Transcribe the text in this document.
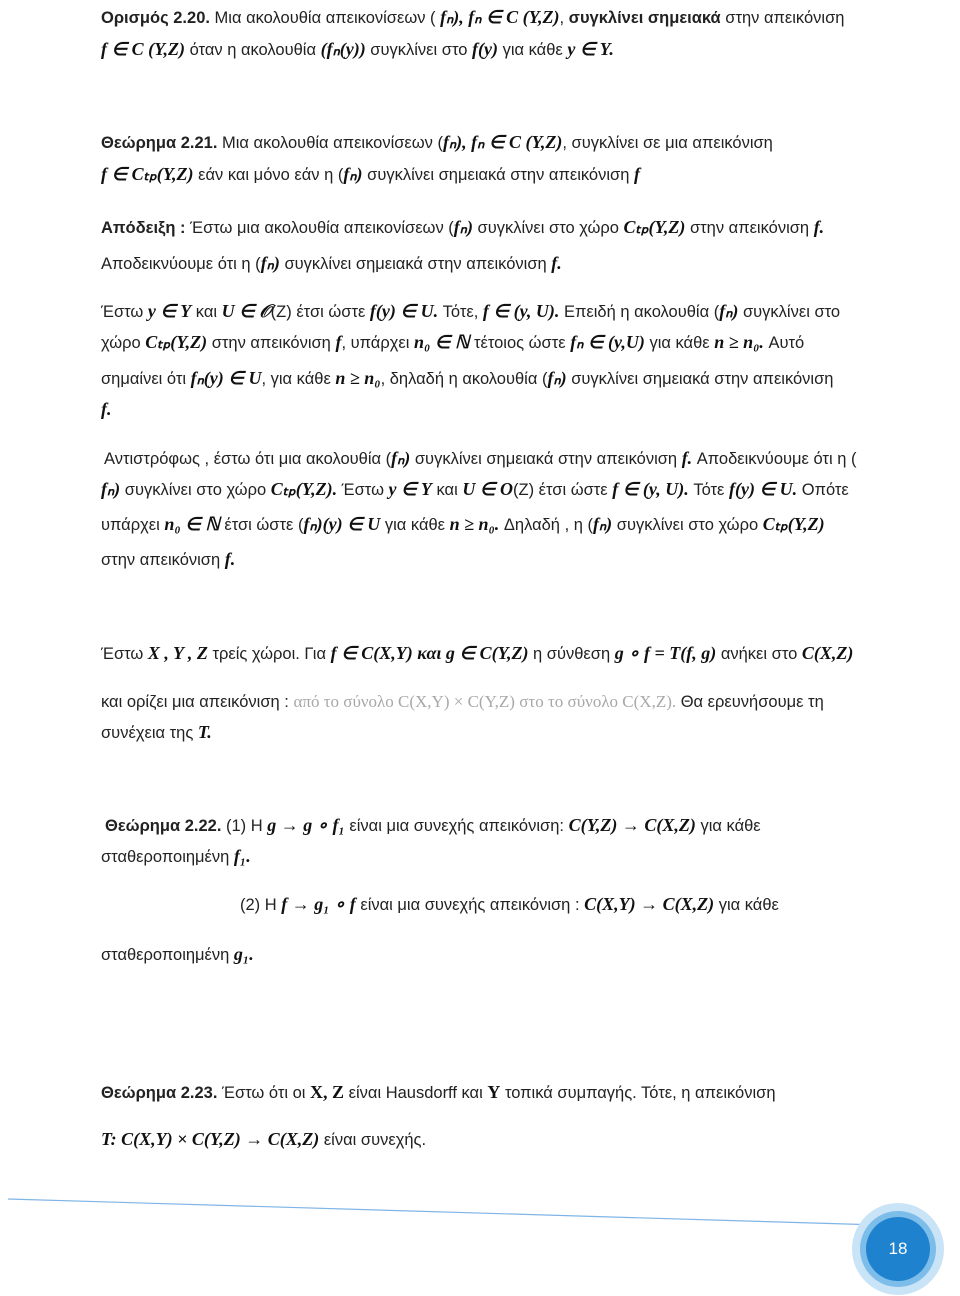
Ορισμός 2.20. Μια ακολουθία απεικονίσεων ( fₙ), fₙ ∈ C (Y,Z), συγκλίνει σημειακά στην απεικόνιση
f ∈ C (Y,Z) όταν η ακολουθία (fₙ(y)) συγκλίνει στο f(y) για κάθε y ∈ Y.
Θεώρημα 2.21. Μια ακολουθία απεικονίσεων (fₙ), fₙ ∈ C (Y,Z), συγκλίνει σε μια απεικόνιση
f ∈ Cₜₚ(Y,Z) εάν και μόνο εάν η (fₙ) συγκλίνει σημειακά στην απεικόνιση f
Απόδειξη : Έστω μια ακολουθία απεικονίσεων (fₙ) συγκλίνει στο χώρο Cₜₚ(Y,Z) στην απεικόνιση f.
Αποδεικνύουμε ότι η (fₙ) συγκλίνει σημειακά στην απεικόνιση f.
Έστω y ∈ Y και U ∈ 𝒪(Z) έτσι ώστε f(y) ∈ U. Τότε, f ∈ (y, U). Επειδή η ακολουθία (fₙ) συγκλίνει στο
χώρο Cₜₚ(Y,Z) στην απεικόνιση f, υπάρχει n₀ ∈ ℕ τέτοιος ώστε fₙ ∈ (y,U) για κάθε n ≥ n₀. Αυτό
σημαίνει ότι fₙ(y) ∈ U, για κάθε n ≥ n₀, δηλαδή η ακολουθία (fₙ) συγκλίνει σημειακά στην απεικόνιση
f.
Αντιστρόφως , έστω ότι μια ακολουθία (fₙ) συγκλίνει σημειακά στην απεικόνιση f. Αποδεικνύουμε ότι η (
fₙ) συγκλίνει στο χώρο Cₜₚ(Y,Z). Έστω y ∈ Y και U ∈ O(Z) έτσι ώστε f ∈ (y, U). Τότε f(y) ∈ U. Οπότε
υπάρχει n₀ ∈ ℕ έτσι ώστε (fₙ)(y) ∈ U για κάθε n ≥ n₀. Δηλαδή , η (fₙ) συγκλίνει στο χώρο Cₜₚ(Y,Z)
στην απεικόνιση f.
Έστω X , Y , Z τρείς χώροι. Για f ∈ C(X,Y) και g ∈ C(Y,Z) η σύνθεση g ∘ f = T(f, g) ανήκει στο C(X,Z)
και ορίζει μια απεικόνιση : από το σύνολο C(X,Y) × C(Y,Z) στο το σύνολο C(X,Z). Θα ερευνήσουμε τη
συνέχεια της T.
Θεώρημα 2.22. (1) Η g → g ∘ f₁ είναι μια συνεχής απεικόνιση: C(Y,Z) → C(X,Z) για κάθε
σταθεροποιημένη f₁.
(2) Η f → g₁ ∘ f είναι μια συνεχής απεικόνιση : C(X,Y) → C(X,Z) για κάθε
σταθεροποιημένη g₁.
Θεώρημα 2.23. Έστω ότι οι X, Z είναι Hausdorff και Y τοπικά συμπαγής. Τότε, η απεικόνιση
T: C(X,Y) × C(Y,Z) → C(X,Z) είναι συνεχής.
18
